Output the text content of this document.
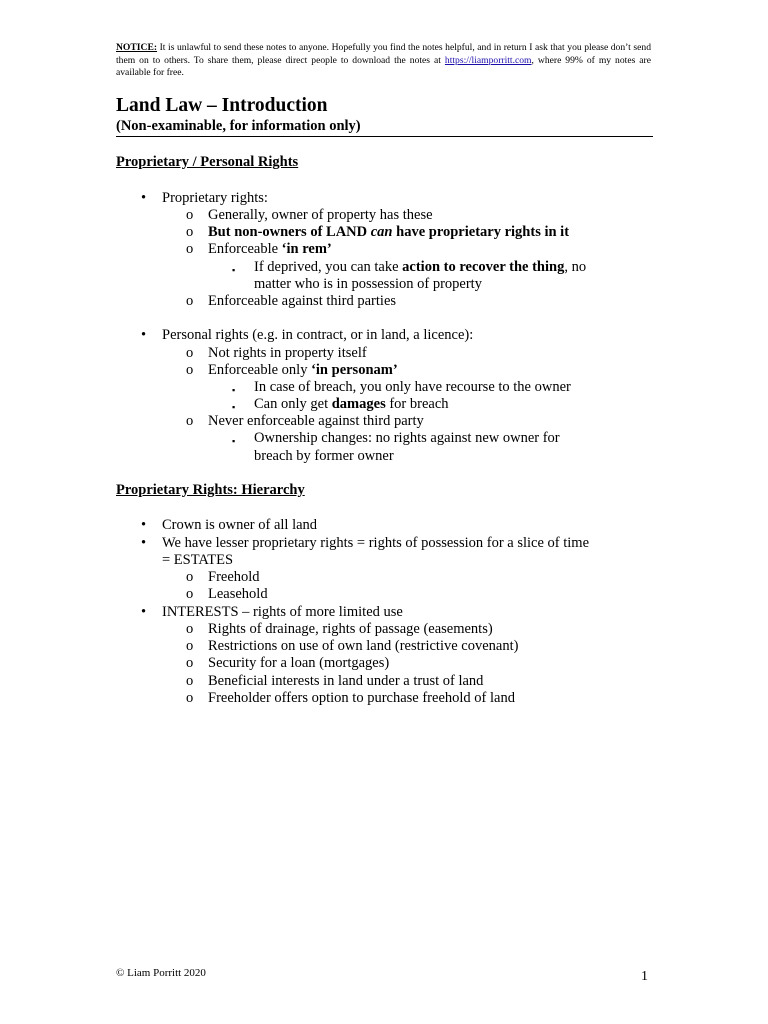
NOTICE: It is unlawful to send these notes to anyone. Hopefully you find the notes helpful, and in return I ask that you please don’t send them on to others. To share them, please direct people to download the notes at https://liamporritt.com, where 99% of my notes are available for free.
Land Law – Introduction
(Non-examinable, for information only)
Proprietary / Personal Rights
• Proprietary rights:
o Generally, owner of property has these
o But non-owners of LAND can have proprietary rights in it
o Enforceable ‘in rem’
▪ If deprived, you can take action to recover the thing, no
matter who is in possession of property
o Enforceable against third parties
• Personal rights (e.g. in contract, or in land, a licence):
o Not rights in property itself
o Enforceable only ‘in personam’
▪ In case of breach, you only have recourse to the owner
▪ Can only get damages for breach
o Never enforceable against third party
▪ Ownership changes: no rights against new owner for
breach by former owner
Proprietary Rights: Hierarchy
• Crown is owner of all land
• We have lesser proprietary rights = rights of possession for a slice of time
= ESTATES
o Freehold
o Leasehold
• INTERESTS – rights of more limited use
o Rights of drainage, rights of passage (easements)
o Restrictions on use of own land (restrictive covenant)
o Security for a loan (mortgages)
o Beneficial interests in land under a trust of land
o Freeholder offers option to purchase freehold of land
© Liam Porritt 2020	1
